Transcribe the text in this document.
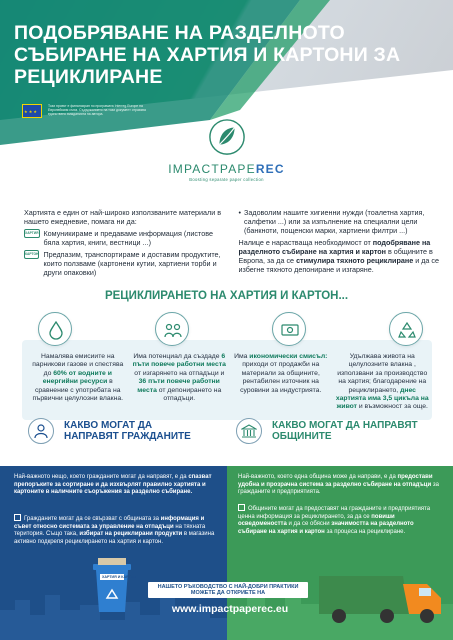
ПОДОБРЯВАНЕ НА РАЗДЕЛНОТО СЪБИРАНЕ НА ХАРТИЯ И КАРТОНИ ЗА РЕЦИКЛИРАНЕ
★ ★ ★
Този проект е финансиран по програмата Interreg Europe на Европейския съюз. Съдържанието на този документ отразява единствено вижданията на автора.
IMPACTPAPEREC
Boosting separate paper collection

Хартията е един от най-широко използваните материали в нашето ежедневие, помага ни да:

ХАРТИЯ Комуникираме и предаваме информация (листове бяла хартия, книги, вестници ...)
КАРТОН Предпазим, транспортираме и доставим продуктите, които ползваме (картонени кутии, хартиени торби и други опаковки)
• Задоволим нашите хигиенни нужди (тоалетна хартия, салфетки ...) или за изпълнение на специални цели (банкноти, пощенски марки, хартиени филтри ...)

Налице е нарастваща необходимост от подобряване на разделното събиране на хартия и картон в общините в Европа, за да се стимулира тяхното рециклиране и да се избегне тяхното депониране и изгаряне.

РЕЦИКЛИРАНЕТО НА ХАРТИЯ И КАРТОН...
Намалява емисиите на парникови газове и спестява до 60% от водните и енергийни ресурси в сравнение с употребата на първични целулозни влакна.
Има потенциал да създаде 6 пъти повече работни места от изгарянето на отпадъци и 36 пъти повече работни места от депонирането на отпадъци.
Има икономически смисъл: приходи от продажби на материали за общините, рентабилен източник на суровини за индустрията.
Удължава живота на целулозните влакна , използвани за производство на хартия; благодарение на рециклирането, днес хартията има 3,5 цикъла на живот и възможност за още.
КАКВО МОГАТ ДА НАПРАВЯТ ГРАЖДАНИТЕ
КАКВО МОГАТ ДА НАПРАВЯТ ОБЩИНИТЕ
ХАРТИЯ И КАРТОН
Най-важното нещо, което гражданите могат да направят, е да спазват препоръките за сортиране и да изхвърлят правилно хартията и картоните в наличните съоръжения за разделно събиране.
Гражданите могат да се свързват с общината за информация и съвет относно системата за управление на отпадъци на тяхната територия. Също така, избират на рециклирани продукти в магазина активно подкрепя рециклирането на хартия и картон.
Най-важното, което една община може да направи, е да предостави удобна и прозрачна система за разделно събиране на отпадъци за гражданите и предприятията.
Общините могат да предоставят на гражданите и предприятията ценна информация за рециклирането, за да се повиши осведомеността и да се обясни значимостта на разделното събиране на хартия и картон за процеса на рециклиране.
НАШЕТО РЪКОВОДСТВО С НАЙ-ДОБРИ ПРАКТИКИ МОЖЕТЕ ДА ОТКРИЕТЕ НА
www.impactpaperec.eu
